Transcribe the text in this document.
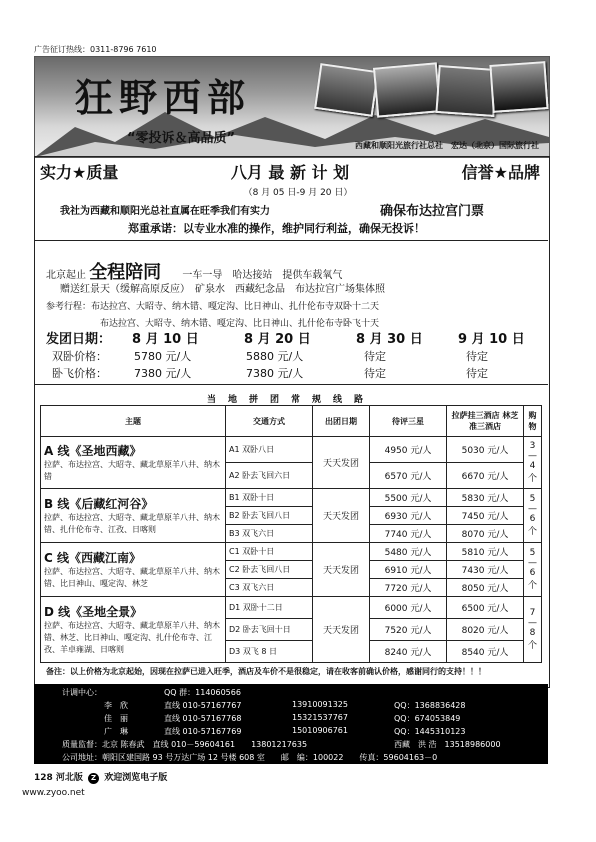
广告征订热线：0311-8796 7610
狂野西部
“零投诉＆高品质”	西藏和顺阳光旅行社总社　宏达（北京）国际旅行社
实力★质量	八月 最 新 计 划	信誉★品牌
（8 月 05 日-9 月 20 日）
我社为西藏和顺阳光总社直属在旺季我们有实力	确保布达拉宫门票
郑重承诺：以专业水准的操作，维护同行利益，确保无投诉！
北京起止 全程陪同 一车一导　哈达接站　提供车载氧气
赠送红景天（缓解高原反应）　矿泉水　西藏纪念品　布达拉宫广场集体照
参考行程：布达拉宫、大昭寺、纳木错、嘎定沟、比日神山、扎什伦布寺双卧十二天
布达拉宫、大昭寺、纳木错、嘎定沟、比日神山、扎什伦布寺卧飞十天
发团日期： 8 月 10 日	8 月 20 日	8 月 30 日	9 月 10 日
双卧价格： 5780 元/人	5880 元/人	待定	待定
卧飞价格： 7380 元/人	7380 元/人	待定	待定
当地拼团常规线路
主题	交通方式	出团日期	待评三星	拉萨挂三酒店 林芝准三酒店	购物

A 线《圣地西藏》
拉萨、布达拉宫、大昭寺、藏北草原羊八井、纳木错	A1 双卧八日	天天发团	4950 元/人	5030 元/人	3—4 个
	A2 卧去飞回六日		6570 元/人	6670 元/人	

B 线《后藏红河谷》
拉萨、布达拉宫、大昭寺、藏北草原羊八井、纳木错、扎什伦布寺、江孜、日喀则	B1 双卧十日	天天发团	5500 元/人	5830 元/人	5—6 个
	B2 卧去飞回八日		6930 元/人	7450 元/人	
	B3 双飞六日		7740 元/人	8070 元/人	

C 线《西藏江南》
拉萨、布达拉宫、大昭寺、藏北草原羊八井、纳木错、比日神山、嘎定沟、林芝	C1 双卧十日	天天发团	5480 元/人	5810 元/人	5—6 个
	C2 卧去飞回八日		6910 元/人	7430 元/人	
	C3 双飞六日		7720 元/人	8050 元/人	

D 线《圣地全景》
拉萨、布达拉宫、大昭寺、藏北草原羊八井、纳木错、林芝、比日神山、嘎定沟、扎什伦布寺、江孜、羊卓雍湖、日喀则	D1 双卧十二日	天天发团	6000 元/人	6500 元/人	7—8 个
	D2 卧去飞回十日		7520 元/人	8020 元/人	
	D3 双飞 8 日		8240 元/人	8540 元/人	
备注：以上价格为北京起始，因现在拉萨已进入旺季，酒店及车价不是很稳定，请在收客前确认价格，感谢同行的支持！！！
计调中心：	QQ 群：114060566
李　欣	直线 010-57167767	13910091325	QQ：1368836428
佳　丽	直线 010-57167768	15321537767	QQ：674053849
广　琳	直线 010-57167769	15010906761	QQ：1445310123
质量监督：北京 陈春武　直线 010－59604161　　13801217635	西藏　洪 浩　13518986000
公司地址：朝阳区建国路 93 号万达广场 12 号楼 608 室　　邮　编：100022　　传真：59604163－0
128 河北版 Z 欢迎浏览电子版
www.zyoo.net
